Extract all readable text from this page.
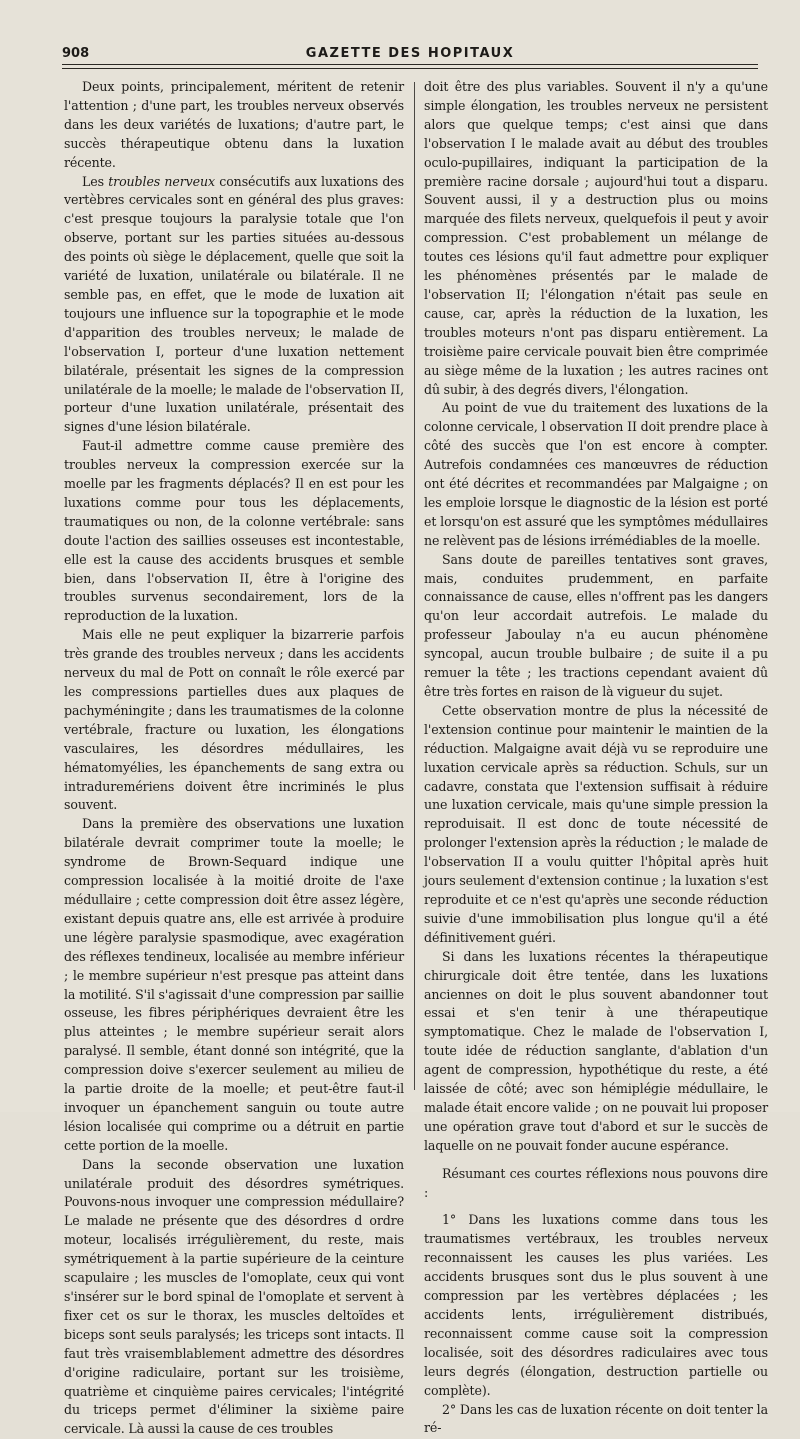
908	GAZETTE DES HOPITAUX

Deux points, principalement, méritent de retenir l'attention ; d'une part, les troubles nerveux observés dans les deux variétés de luxations; d'autre part, le succès thérapeutique obtenu dans la luxation récente.

Les troubles nerveux consécutifs aux luxations des vertèbres cervicales sont en général des plus graves: c'est presque toujours la paralysie totale que l'on observe, portant sur les parties situées au-dessous des points où siège le déplacement, quelle que soit la variété de luxation, unilatérale ou bilatérale. Il ne semble pas, en effet, que le mode de luxation ait toujours une influence sur la topographie et le mode d'apparition des troubles nerveux; le malade de l'observation I, porteur d'une luxation nettement bilatérale, présentait les signes de la compression unilatérale de la moelle; le malade de l'observation II, porteur d'une luxation unilatérale, présentait des signes d'une lésion bilatérale.

Faut-il admettre comme cause première des troubles nerveux la compression exercée sur la moelle par les fragments déplacés? Il en est pour les luxations comme pour tous les déplacements, traumatiques ou non, de la colonne vertébrale: sans doute l'action des saillies osseuses est incontestable, elle est la cause des accidents brusques et semble bien, dans l'observation II, être à l'origine des troubles survenus secondairement, lors de la reproduction de la luxation.

Mais elle ne peut expliquer la bizarrerie parfois très grande des troubles nerveux ; dans les accidents nerveux du mal de Pott on connaît le rôle exercé par les compressions partielles dues aux plaques de pachyméningite ; dans les traumatismes de la colonne vertébrale, fracture ou luxation, les élongations vasculaires, les désordres médullaires, les hématomyélies, les épanchements de sang extra ou intraduremériens doivent être incriminés le plus souvent.

Dans la première des observations une luxation bilatérale devrait comprimer toute la moelle; le syndrome de Brown-Sequard indique une compression localisée à la moitié droite de l'axe médullaire ; cette compression doit être assez légère, existant depuis quatre ans, elle est arrivée à produire une légère paralysie spasmodique, avec exagération des réflexes tendineux, localisée au membre inférieur ; le membre supérieur n'est presque pas atteint dans la motilité. S'il s'agissait d'une compression par saillie osseuse, les fibres périphériques devraient être les plus atteintes ; le membre supérieur serait alors paralysé. Il semble, étant donné son intégrité, que la compression doive s'exercer seulement au milieu de la partie droite de la moelle; et peut-être faut-il invoquer un épanchement sanguin ou toute autre lésion localisée qui comprime ou a détruit en partie cette portion de la moelle.

Dans la seconde observation une luxation unilatérale produit des désordres symétriques. Pouvons-nous invoquer une compression médullaire? Le malade ne présente que des désordres d ordre moteur, localisés irrégulièrement, du reste, mais symétriquement à la partie supérieure de la ceinture scapulaire ; les muscles de l'omoplate, ceux qui vont s'insérer sur le bord spinal de l'omoplate et servent à fixer cet os sur le thorax, les muscles deltoïdes et biceps sont seuls paralysés; les triceps sont intacts. Il faut très vraisemblablement admettre des désordres d'origine radiculaire, portant sur les troisième, quatrième et cinquième paires cervicales; l'intégrité du triceps permet d'éliminer la sixième paire cervicale. Là aussi la cause de ces troubles

doit être des plus variables. Souvent il n'y a qu'une simple élongation, les troubles nerveux ne persistent alors que quelque temps; c'est ainsi que dans l'observation I le malade avait au début des troubles oculo-pupillaires, indiquant la participation de la première racine dorsale ; aujourd'hui tout a disparu. Souvent aussi, il y a destruction plus ou moins marquée des filets nerveux, quelquefois il peut y avoir compression. C'est probablement un mélange de toutes ces lésions qu'il faut admettre pour expliquer les phénomènes présentés par le malade de l'observation II; l'élongation n'était pas seule en cause, car, après la réduction de la luxation, les troubles moteurs n'ont pas disparu entièrement. La troisième paire cervicale pouvait bien être comprimée au siège même de la luxation ; les autres racines ont dû subir, à des degrés divers, l'élongation.

Au point de vue du traitement des luxations de la colonne cervicale, l observation II doit prendre place à côté des succès que l'on est encore à compter. Autrefois condamnées ces manœuvres de réduction ont été décrites et recommandées par Malgaigne ; on les emploie lorsque le diagnostic de la lésion est porté et lorsqu'on est assuré que les symptômes médullaires ne relèvent pas de lésions irrémédiables de la moelle.

Sans doute de pareilles tentatives sont graves, mais, conduites prudemment, en parfaite connaissance de cause, elles n'offrent pas les dangers qu'on leur accordait autrefois. Le malade du professeur Jaboulay n'a eu aucun phénomène syncopal, aucun trouble bulbaire ; de suite il a pu remuer la tête ; les tractions cependant avaient dû être très fortes en raison de là vigueur du sujet.

Cette observation montre de plus la nécessité de l'extension continue pour maintenir le maintien de la réduction. Malgaigne avait déjà vu se reproduire une luxation cervicale après sa réduction. Schuls, sur un cadavre, constata que l'extension suffisait à réduire une luxation cervicale, mais qu'une simple pression la reproduisait. Il est donc de toute nécessité de prolonger l'extension après la réduction ; le malade de l'observation II a voulu quitter l'hôpital après huit jours seulement d'extension continue ; la luxation s'est reproduite et ce n'est qu'après une seconde réduction suivie d'une immobilisation plus longue qu'il a été définitivement guéri.

Si dans les luxations récentes la thérapeutique chirurgicale doit être tentée, dans les luxations anciennes on doit le plus souvent abandonner tout essai et s'en tenir à une thérapeutique symptomatique. Chez le malade de l'observation I, toute idée de réduction sanglante, d'ablation d'un agent de compression, hypothétique du reste, a été laissée de côté; avec son hémiplégie médullaire, le malade était encore valide ; on ne pouvait lui proposer une opération grave tout d'abord et sur le succès de laquelle on ne pouvait fonder aucune espérance.

Résumant ces courtes réflexions nous pouvons dire :

1° Dans les luxations comme dans tous les traumatismes vertébraux, les troubles nerveux reconnaissent les causes les plus variées. Les accidents brusques sont dus le plus souvent à une compression par les vertèbres déplacées ; les accidents lents, irrégulièrement distribués, reconnaissent comme cause soit la compression localisée, soit des désordres radiculaires avec tous leurs degrés (élongation, destruction partielle ou complète).

2° Dans les cas de luxation récente on doit tenter la ré-
